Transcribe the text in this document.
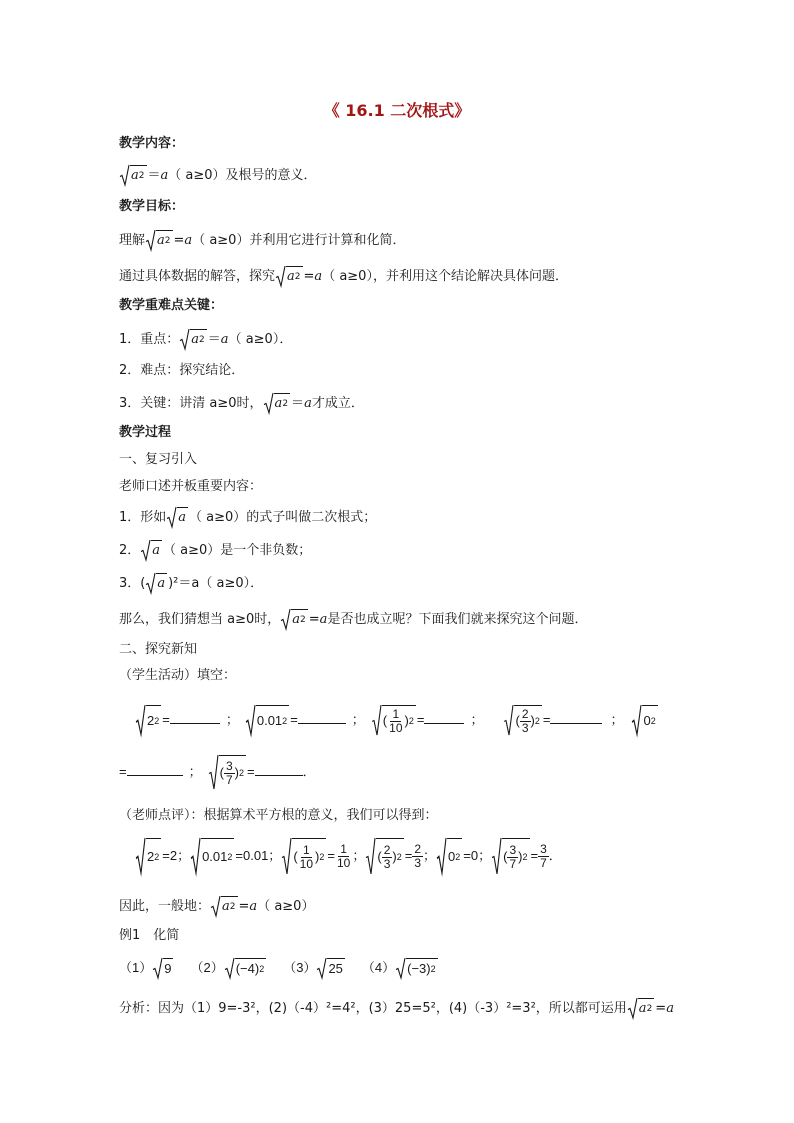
《 16.1 二次根式》
教学内容：
a 2 ＝a（ a≥0）及根号的意义．
教学目标：
理解 a 2 =a（ a≥0）并利用它进行计算和化简．
通过具体数据的解答，探究 a 2 =a（ a≥0），并利用这个结论解决具体问题．
教学重难点关键：
1．重点： a 2 ＝a（ a≥0）．
2．难点：探究结论．
3．关键：讲清 a≥0时， a 2 ＝a才成立．
教学过程
一、复习引入
老师口述并板重要内容：
1．形如 a （ a≥0）的式子叫做二次根式；
2． a （ a≥0）是一个非负数；
3．( a )²＝a（ a≥0）．
那么，我们猜想当 a≥0时， a 2 =a是否也成立呢？下面我们就来探究这个问题．
二、探究新知
（学生活动）填空：
2 2 =	； 0.01 2 =	； ( $\frac{1}{10}$ ) 2 =	； ( $\frac{2}{3}$ ) 2 =	； 0 2
=	； ( $\frac{3}{7}$ ) 2 =	．
（老师点评）：根据算术平方根的意义，我们可以得到：
2 2 =2； 0.01 2 =0.01； ( $\frac{1}{10}$ ) $2 = \frac{1}{10}$ ； ( $\frac{2}{3}$ ) $2 = \frac{2}{3}$ ； 0 2 =0； ( $\frac{3}{7}$ ) $2 = \frac{3}{7}$ ．
因此，一般地： a 2 =a（ a≥0）
例1　化简
（1） 9 （2） (−4) 2 （3） 25 （4） (−3) 2
分析：因为（1）9=-3²，(2)（-4）²=4²，(3）25=5²，(4)（-3）²=3²，所以都可运用 a 2 =a
